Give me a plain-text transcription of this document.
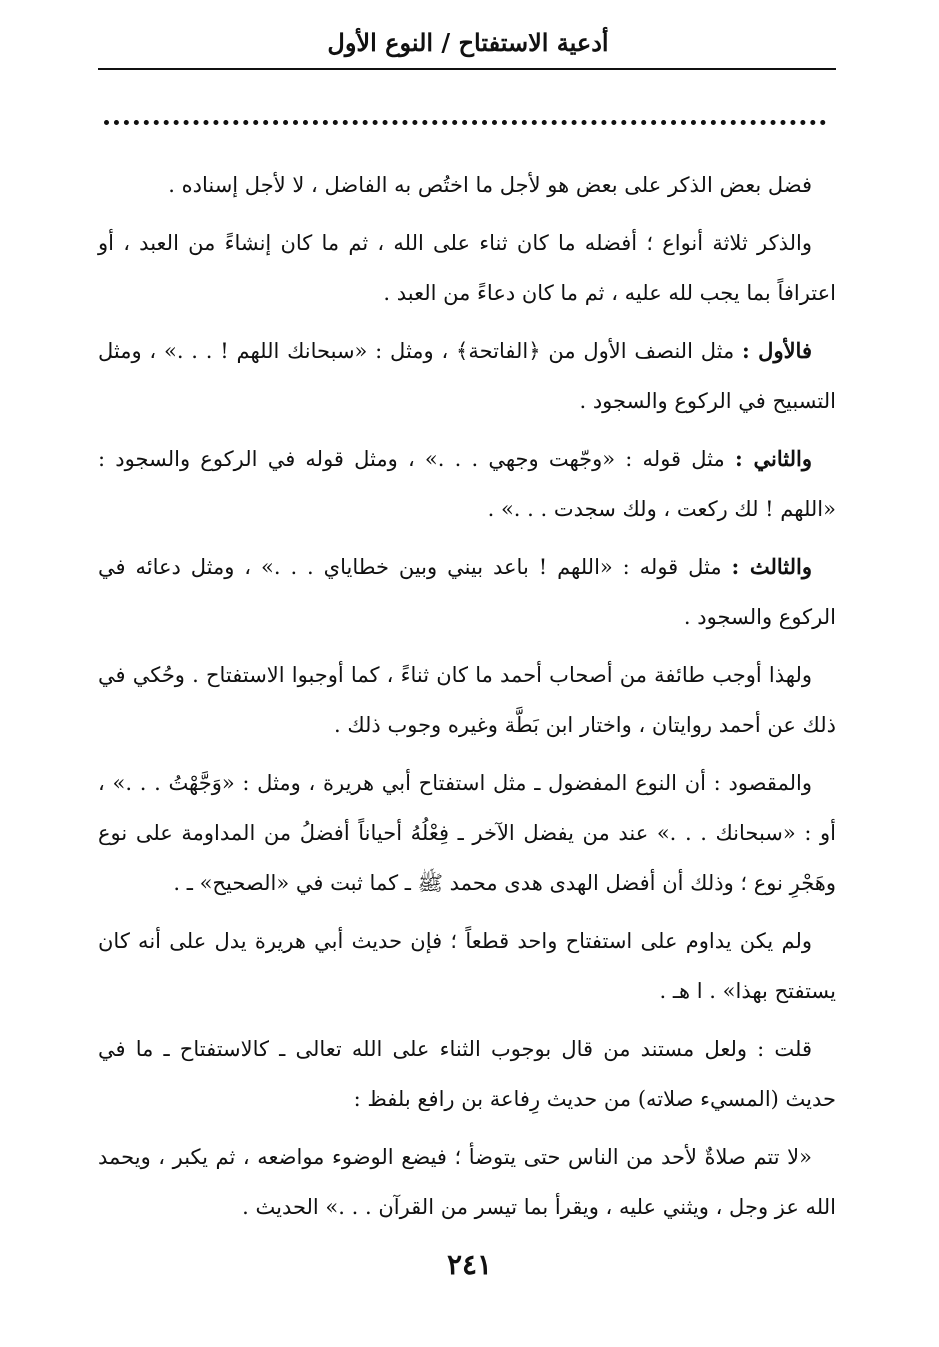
أدعية الاستفتاح / النوع الأول

فضل بعض الذكر على بعض هو لأجل ما اختُص به الفاضل ، لا لأجل إسناده .

والذكر ثلاثة أنواع ؛ أفضله ما كان ثناء على الله ، ثم ما كان إنشاءً من العبد ، أو اعترافاً بما يجب لله عليه ، ثم ما كان دعاءً من العبد .

فالأول : مثل النصف الأول من ﴿الفاتحة﴾ ، ومثل : «سبحانك اللهم ! . . .» ، ومثل التسبيح في الركوع والسجود .

والثاني : مثل قوله : «وجّهت وجهي . . .» ، ومثل قوله في الركوع والسجود : «اللهم ! لك ركعت ، ولك سجدت . . .» .

والثالث : مثل قوله : «اللهم ! باعد بيني وبين خطاياي . . .» ، ومثل دعائه في الركوع والسجود .

ولهذا أوجب طائفة من أصحاب أحمد ما كان ثناءً ، كما أوجبوا الاستفتاح . وحُكي في ذلك عن أحمد روايتان ، واختار ابن بَطَّة وغيره وجوب ذلك .

والمقصود : أن النوع المفضول ـ مثل استفتاح أبي هريرة ، ومثل : «وَجَّهْتُ . . .» ، أو : «سبحانك . . .» عند من يفضل الآخر ـ فِعْلُهُ أحياناً أفضلُ من المداومة على نوع وهَجْرِ نوع ؛ وذلك أن أفضل الهدى هدى محمد ﷺ ـ كما ثبت في «الصحيح» ـ .

ولم يكن يداوم على استفتاح واحد قطعاً ؛ فإن حديث أبي هريرة يدل على أنه كان يستفتح بهذا» . ا هـ .

قلت : ولعل مستند من قال بوجوب الثناء على الله تعالى ـ كالاستفتاح ـ ما في حديث (المسيء صلاته) من حديث رِفاعة بن رافع بلفظ :

«لا تتم صلاةٌ لأحد من الناس حتى يتوضأ ؛ فيضع الوضوء مواضعه ، ثم يكبر ، ويحمد الله عز وجل ، ويثني عليه ، ويقرأ بما تيسر من القرآن . . .» الحديث .

٢٤١
